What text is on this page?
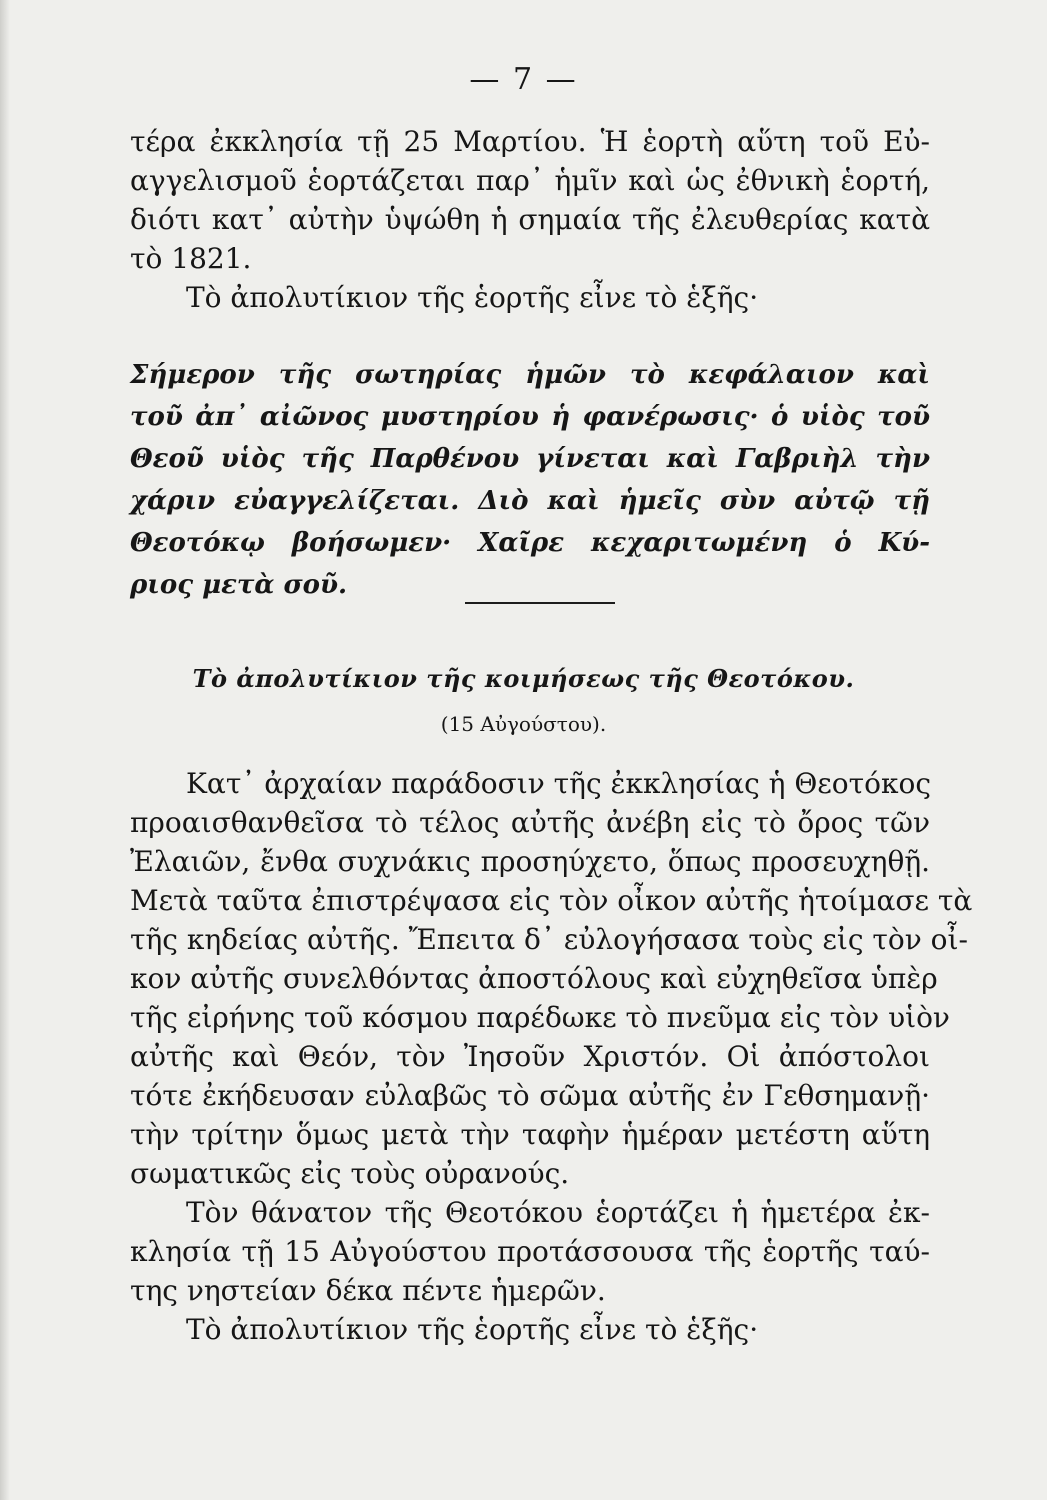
— 7 —
τέρα ἐκκλησία τῇ 25 Μαρτίου. Ἡ ἑορτὴ αὕτη τοῦ Εὐ-
αγγελισμοῦ ἑορτάζεται παρ᾽ ἡμῖν καὶ ὡς ἐθνικὴ ἑορτή,
διότι κατ᾽ αὐτὴν ὑψώθη ἡ σημαία τῆς ἐλευθερίας κατὰ
τὸ 1821.
Τὸ ἀπολυτίκιον τῆς ἑορτῆς εἶνε τὸ ἑξῆς·
Σήμερον τῆς σωτηρίας ἡμῶν τὸ κεφάλαιον καὶ
τοῦ ἀπ᾽ αἰῶνος μυστηρίου ἡ φανέρωσις· ὁ υἱὸς τοῦ
Θεοῦ υἱὸς τῆς Παρθένου γίνεται καὶ Γαβριὴλ τὴν
χάριν εὐαγγελίζεται. Διὸ καὶ ἡμεῖς σὺν αὐτῷ τῇ
Θεοτόκῳ βοήσωμεν· Χαῖρε κεχαριτωμένη ὁ Κύ-
ριος μετὰ σοῦ.
Τὸ ἀπολυτίκιον τῆς κοιμήσεως τῆς Θεοτόκου.
(15 Αὐγούστου).
Κατ᾽ ἀρχαίαν παράδοσιν τῆς ἐκκλησίας ἡ Θεοτόκος
προαισθανθεῖσα τὸ τέλος αὐτῆς ἀνέβη εἰς τὸ ὄρος τῶν
Ἐλαιῶν, ἔνθα συχνάκις προσηύχετο, ὅπως προσευχηθῇ.
Μετὰ ταῦτα ἐπιστρέψασα εἰς τὸν οἶκον αὐτῆς ἡτοίμασε τὰ
τῆς κηδείας αὐτῆς. Ἔπειτα δ᾽ εὐλογήσασα τοὺς εἰς τὸν οἶ-
κον αὐτῆς συνελθόντας ἀποστόλους καὶ εὐχηθεῖσα ὑπὲρ
τῆς εἰρήνης τοῦ κόσμου παρέδωκε τὸ πνεῦμα εἰς τὸν υἱὸν
αὐτῆς καὶ Θεόν, τὸν Ἰησοῦν Χριστόν. Οἱ ἀπόστολοι
τότε ἐκήδευσαν εὐλαβῶς τὸ σῶμα αὐτῆς ἐν Γεθσημανῇ·
τὴν τρίτην ὅμως μετὰ τὴν ταφὴν ἡμέραν μετέστη αὕτη
σωματικῶς εἰς τοὺς οὐρανούς.
Τὸν θάνατον τῆς Θεοτόκου ἑορτάζει ἡ ἡμετέρα ἐκ-
κλησία τῇ 15 Αὐγούστου προτάσσουσα τῆς ἑορτῆς ταύ-
της νηστείαν δέκα πέντε ἡμερῶν.
Τὸ ἀπολυτίκιον τῆς ἑορτῆς εἶνε τὸ ἑξῆς·
